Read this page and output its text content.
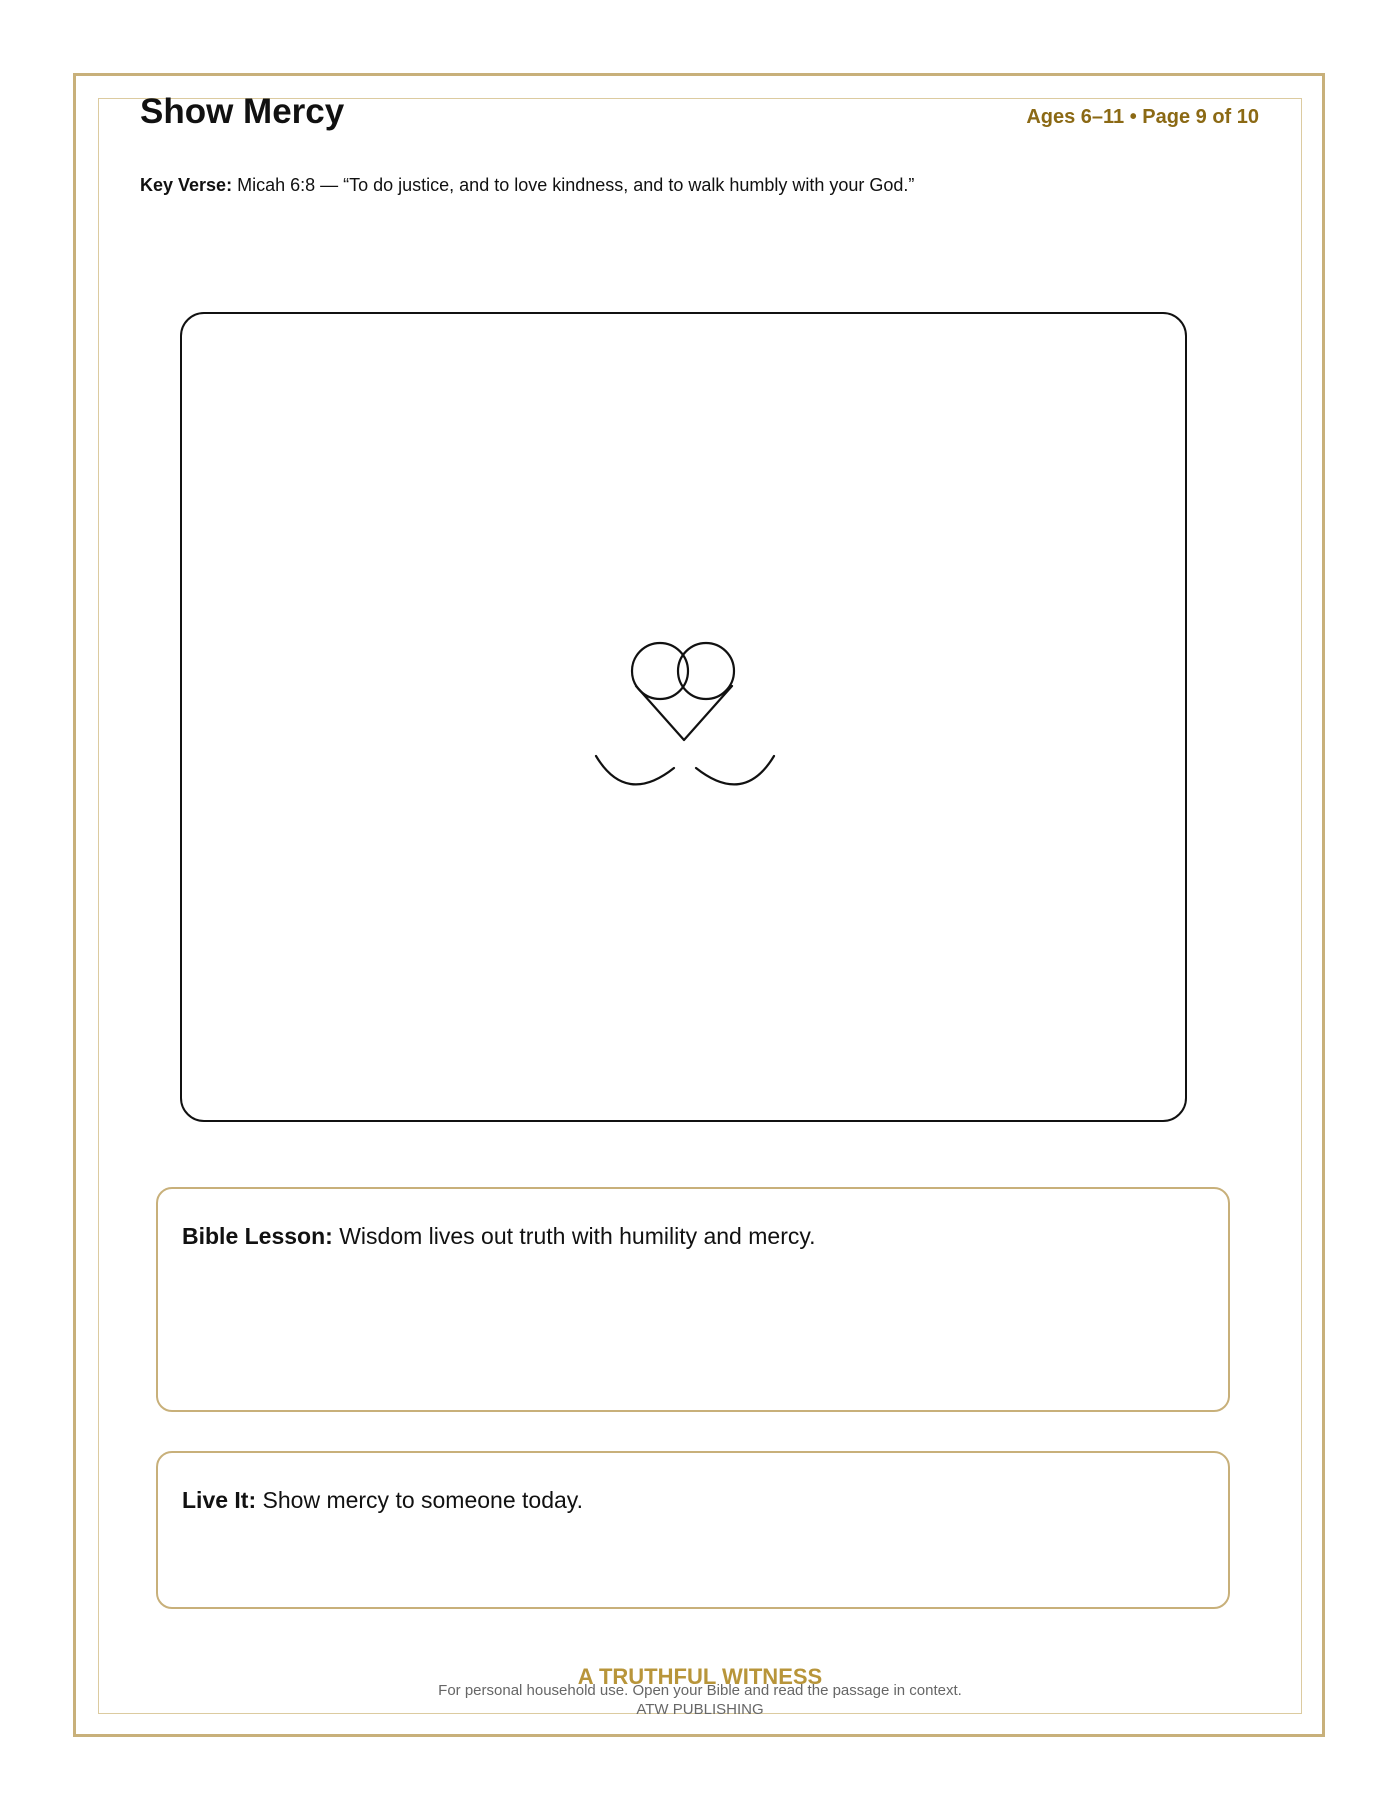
Show Mercy	Ages 6–11 • Page 9 of 10
Key Verse: Micah 6:8 — “To do justice, and to love kindness, and to walk humbly with your God.”
Bible Lesson: Wisdom lives out truth with humility and mercy.
Live It: Show mercy to someone today.
A TRUTHFUL WITNESS
For personal household use. Open your Bible and read the passage in context.
ATW PUBLISHING
